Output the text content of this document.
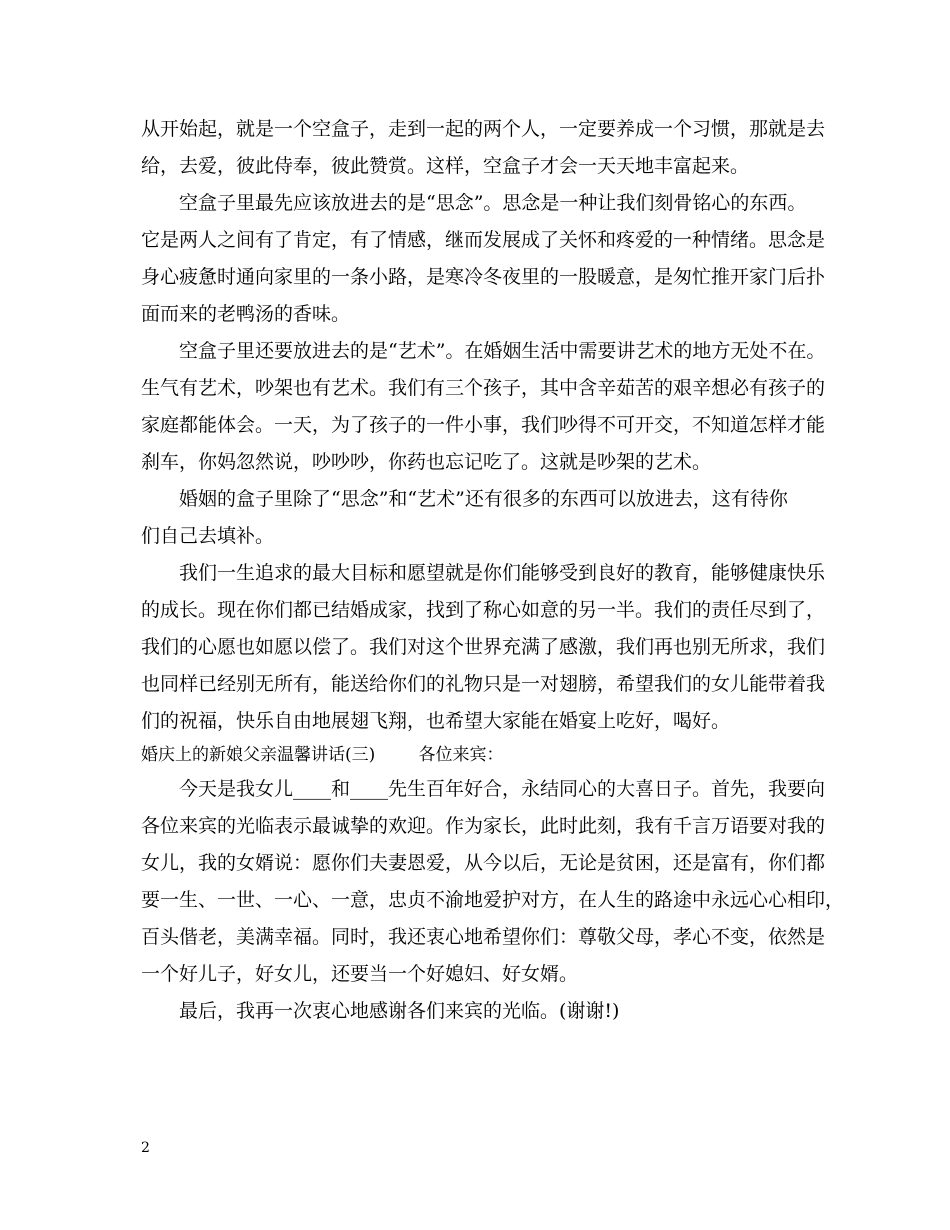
从开始起，就是一个空盒子，走到一起的两个人，一定要养成一个习惯，那就是去
给，去爱，彼此侍奉，彼此赞赏。这样，空盒子才会一天天地丰富起来。
空盒子里最先应该放进去的是“思念”。思念是一种让我们刻骨铭心的东西。
它是两人之间有了肯定，有了情感，继而发展成了关怀和疼爱的一种情绪。思念是
身心疲惫时通向家里的一条小路，是寒冷冬夜里的一股暖意，是匆忙推开家门后扑
面而来的老鸭汤的香味。
空盒子里还要放进去的是“艺术”。在婚姻生活中需要讲艺术的地方无处不在。
生气有艺术，吵架也有艺术。我们有三个孩子，其中含辛茹苦的艰辛想必有孩子的
家庭都能体会。一天，为了孩子的一件小事，我们吵得不可开交，不知道怎样才能
刹车，你妈忽然说，吵吵吵，你药也忘记吃了。这就是吵架的艺术。
婚姻的盒子里除了“思念”和“艺术”还有很多的东西可以放进去，这有待你
们自己去填补。
我们一生追求的最大目标和愿望就是你们能够受到良好的教育，能够健康快乐
的成长。现在你们都已结婚成家，找到了称心如意的另一半。我们的责任尽到了，
我们的心愿也如愿以偿了。我们对这个世界充满了感激，我们再也别无所求，我们
也同样已经别无所有，能送给你们的礼物只是一对翅膀，希望我们的女儿能带着我
们的祝福，快乐自由地展翅飞翔，也希望大家能在婚宴上吃好，喝好。
婚庆上的新娘父亲温馨讲话(三)        各位来宾：
今天是我女儿____和____先生百年好合，永结同心的大喜日子。首先，我要向
各位来宾的光临表示最诚挚的欢迎。作为家长，此时此刻，我有千言万语要对我的
女儿，我的女婿说：愿你们夫妻恩爱，从今以后，无论是贫困，还是富有，你们都
要一生、一世、一心、一意，忠贞不渝地爱护对方，在人生的路途中永远心心相印，
百头偕老，美满幸福。同时，我还衷心地希望你们：尊敬父母，孝心不变，依然是
一个好儿子，好女儿，还要当一个好媳妇、好女婿。
最后，我再一次衷心地感谢各们来宾的光临。(谢谢!)
2
